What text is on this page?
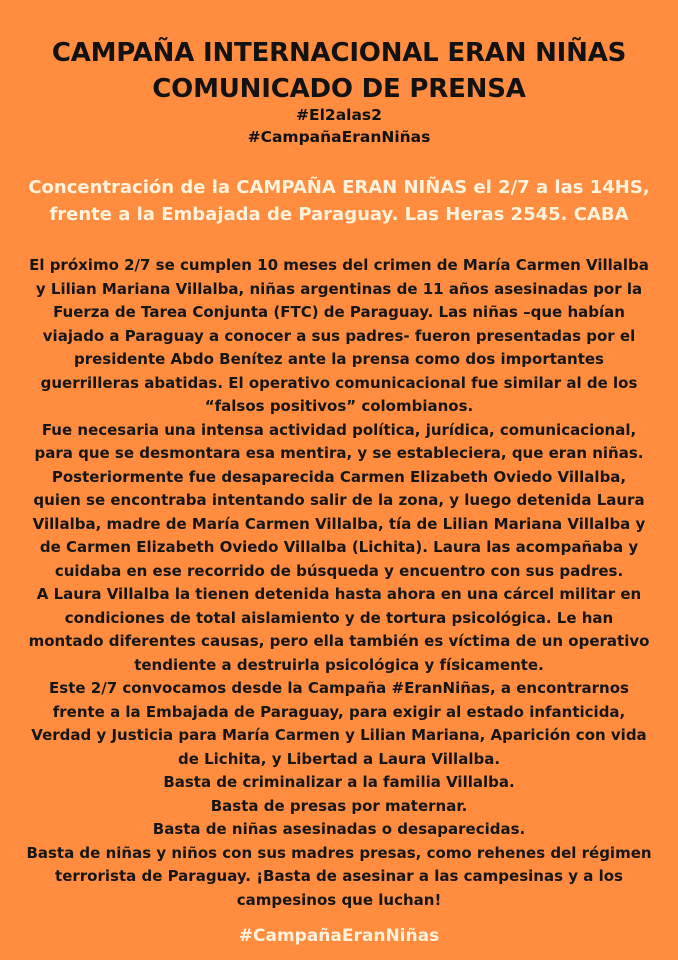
CAMPAÑA INTERNACIONAL ERAN NIÑAS
COMUNICADO DE PRENSA
#El2alas2
#CampañaEranNiñas
Concentración de la CAMPAÑA ERAN NIÑAS el 2/7 a las 14HS,
frente a la Embajada de Paraguay. Las Heras 2545. CABA
El próximo 2/7 se cumplen 10 meses del crimen de María Carmen Villalba
y Lilian Mariana Villalba, niñas argentinas de 11 años asesinadas por la
Fuerza de Tarea Conjunta (FTC) de Paraguay. Las niñas –que habían
viajado a Paraguay a conocer a sus padres- fueron presentadas por el
presidente Abdo Benítez ante la prensa como dos importantes
guerrilleras abatidas. El operativo comunicacional fue similar al de los
“falsos positivos” colombianos.
Fue necesaria una intensa actividad política, jurídica, comunicacional,
para que se desmontara esa mentira, y se estableciera, que eran niñas.
Posteriormente fue desaparecida Carmen Elizabeth Oviedo Villalba,
quien se encontraba intentando salir de la zona, y luego detenida Laura
Villalba, madre de María Carmen Villalba, tía de Lilian Mariana Villalba y
de Carmen Elizabeth Oviedo Villalba (Lichita). Laura las acompañaba y
cuidaba en ese recorrido de búsqueda y encuentro con sus padres.
A Laura Villalba la tienen detenida hasta ahora en una cárcel militar en
condiciones de total aislamiento y de tortura psicológica. Le han
montado diferentes causas, pero ella también es víctima de un operativo
tendiente a destruirla psicológica y físicamente.
Este 2/7 convocamos desde la Campaña #EranNiñas, a encontrarnos
frente a la Embajada de Paraguay, para exigir al estado infanticida,
Verdad y Justicia para María Carmen y Lilian Mariana, Aparición con vida
de Lichita, y Libertad a Laura Villalba.
Basta de criminalizar a la familia Villalba.
Basta de presas por maternar.
Basta de niñas asesinadas o desaparecidas.
Basta de niñas y niños con sus madres presas, como rehenes del régimen
terrorista de Paraguay. ¡Basta de asesinar a las campesinas y a los
campesinos que luchan!
#CampañaEranNiñas
